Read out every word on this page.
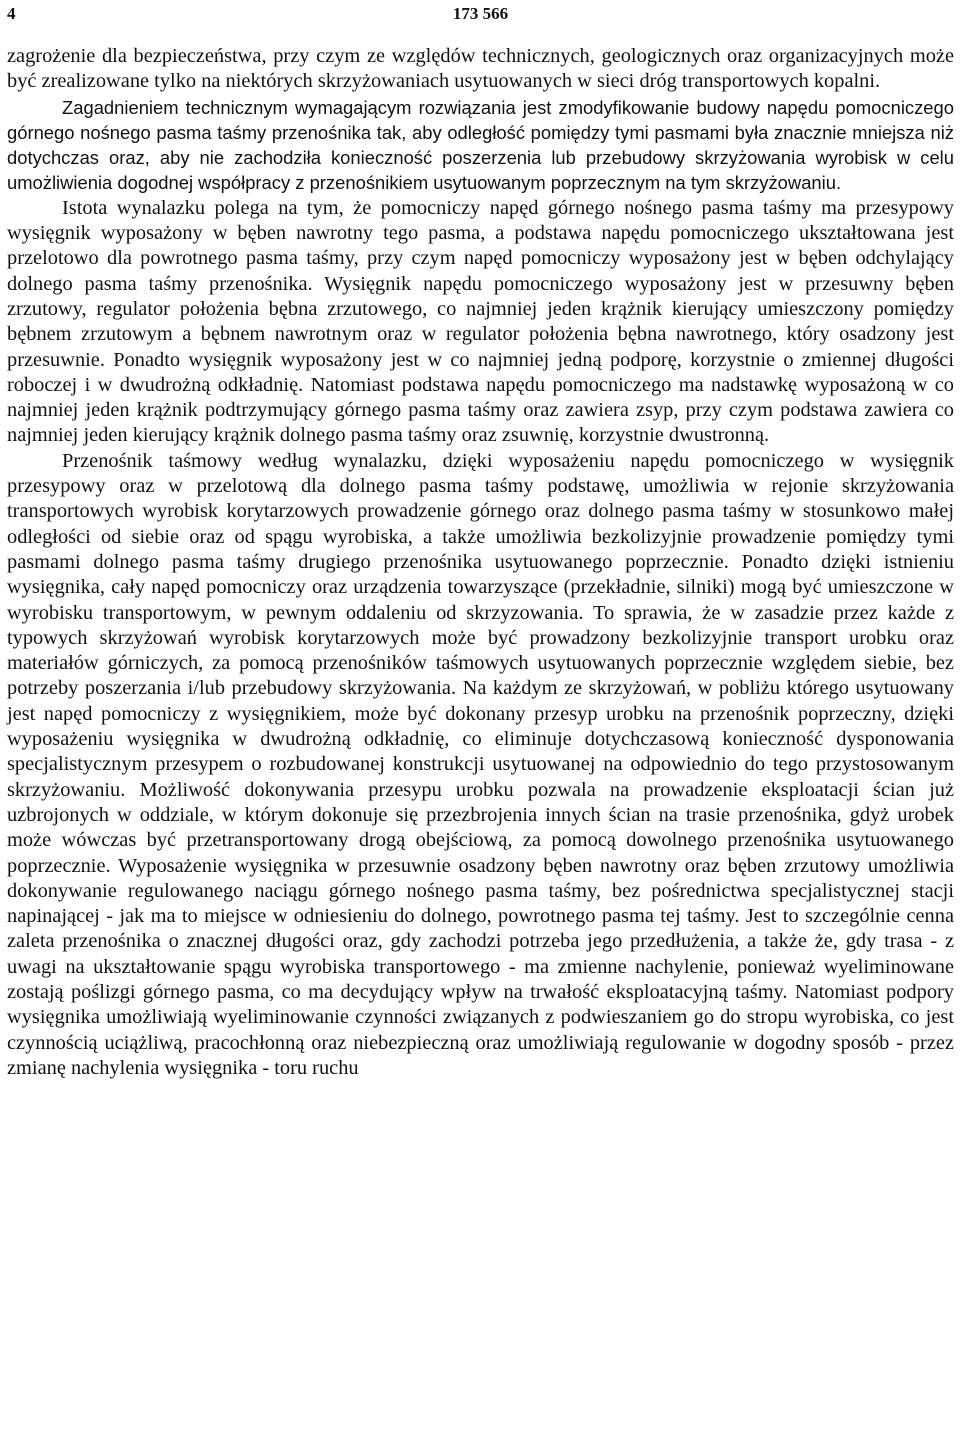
4	173 566

zagrożenie dla bezpieczeństwa, przy czym ze względów technicznych, geologicznych oraz organizacyjnych może być zrealizowane tylko na niektórych skrzyżowaniach usytuowanych w sieci dróg transportowych kopalni.

Zagadnieniem technicznym wymagającym rozwiązania jest zmodyfikowanie budowy napędu pomocniczego górnego nośnego pasma taśmy przenośnika tak, aby odległość pomiędzy tymi pasmami była znacznie mniejsza niż dotychczas oraz, aby nie zachodziła konieczność poszerzenia lub przebudowy skrzyżowania wyrobisk w celu umożliwienia dogodnej współpracy z przenośnikiem usytuowanym poprzecznym na tym skrzyżowaniu.

Istota wynalazku polega na tym, że pomocniczy napęd górnego nośnego pasma taśmy ma przesypowy wysięgnik wyposażony w bęben nawrotny tego pasma, a podstawa napędu pomocniczego ukształtowana jest przelotowo dla powrotnego pasma taśmy, przy czym napęd pomocniczy wyposażony jest w bęben odchylający dolnego pasma taśmy przenośnika. Wysięgnik napędu pomocniczego wyposażony jest w przesuwny bęben zrzutowy, regulator położenia bębna zrzutowego, co najmniej jeden krążnik kierujący umieszczony pomiędzy bębnem zrzutowym a bębnem nawrotnym oraz w regulator położenia bębna nawrotnego, który osadzony jest przesuwnie. Ponadto wysięgnik wyposażony jest w co najmniej jedną podporę, korzystnie o zmiennej długości roboczej i w dwudrożną odkładnię. Natomiast podstawa napędu pomocniczego ma nadstawkę wyposażoną w co najmniej jeden krążnik podtrzymujący górnego pasma taśmy oraz zawiera zsyp, przy czym podstawa zawiera co najmniej jeden kierujący krążnik dolnego pasma taśmy oraz zsuwnię, korzystnie dwustronną.

Przenośnik taśmowy według wynalazku, dzięki wyposażeniu napędu pomocniczego w wysięgnik przesypowy oraz w przelotową dla dolnego pasma taśmy podstawę, umożliwia w rejonie skrzyżowania transportowych wyrobisk korytarzowych prowadzenie górnego oraz dolnego pasma taśmy w stosunkowo małej odległości od siebie oraz od spągu wyrobiska, a także umożliwia bezkolizyjnie prowadzenie pomiędzy tymi pasmami dolnego pasma taśmy drugiego przenośnika usytuowanego poprzecznie. Ponadto dzięki istnieniu wysięgnika, cały napęd pomocniczy oraz urządzenia towarzyszące (przekładnie, silniki) mogą być umieszczone w wyrobisku transportowym, w pewnym oddaleniu od skrzyzowania. To sprawia, że w zasadzie przez każde z typowych skrzyżowań wyrobisk korytarzowych może być prowadzony bezkolizyjnie transport urobku oraz materiałów górniczych, za pomocą przenośników taśmowych usytuowanych poprzecznie względem siebie, bez potrzeby poszerzania i/lub przebudowy skrzyżowania. Na każdym ze skrzyżowań, w pobliżu którego usytuowany jest napęd pomocniczy z wysięgnikiem, może być dokonany przesyp urobku na przenośnik poprzeczny, dzięki wyposażeniu wysięgnika w dwudrożną odkładnię, co eliminuje dotychczasową konieczność dysponowania specjalistycznym przesypem o rozbudowanej konstrukcji usytuowanej na odpowiednio do tego przystosowanym skrzyżowaniu. Możliwość dokonywania przesypu urobku pozwala na prowadzenie eksploatacji ścian już uzbrojonych w oddziale, w którym dokonuje się przezbrojenia innych ścian na trasie przenośnika, gdyż urobek może wówczas być przetransportowany drogą obejściową, za pomocą dowolnego przenośnika usytuowanego poprzecznie. Wyposażenie wysięgnika w przesuwnie osadzony bęben nawrotny oraz bęben zrzutowy umożliwia dokonywanie regulowanego naciągu górnego nośnego pasma taśmy, bez pośrednictwa specjalistycznej stacji napinającej - jak ma to miejsce w odniesieniu do dolnego, powrotnego pasma tej taśmy. Jest to szczególnie cenna zaleta przenośnika o znacznej długości oraz, gdy zachodzi potrzeba jego przedłużenia, a także że, gdy trasa - z uwagi na ukształtowanie spągu wyrobiska transportowego - ma zmienne nachylenie, ponieważ wyeliminowane zostają poślizgi górnego pasma, co ma decydujący wpływ na trwałość eksploatacyjną taśmy. Natomiast podpory wysięgnika umożliwiają wyeliminowanie czynności związanych z podwieszaniem go do stropu wyrobiska, co jest czynnością uciążliwą, pracochłonną oraz niebezpieczną oraz umożliwiają regulowanie w dogodny sposób - przez zmianę nachylenia wysięgnika - toru ruchu
